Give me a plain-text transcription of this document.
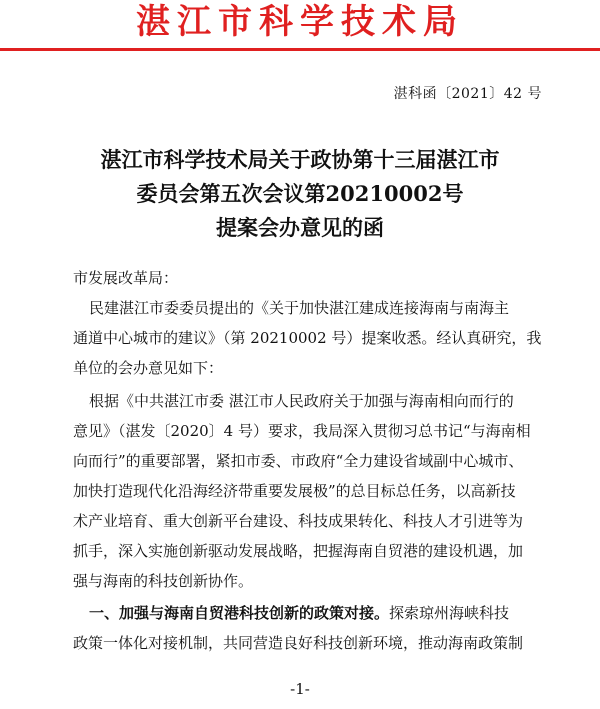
湛江市科学技术局
湛科函〔2021〕42 号
湛江市科学技术局关于政协第十三届湛江市
委员会第五次会议第20210002号
提案会办意见的函
市发展改革局：
民建湛江市委委员提出的《关于加快湛江建成连接海南与南海主
通道中心城市的建议》（第 20210002 号）提案收悉。经认真研究，我
单位的会办意见如下：
根据《中共湛江市委 湛江市人民政府关于加强与海南相向而行的
意见》（湛发〔2020〕4 号）要求，我局深入贯彻习总书记“与海南相
向而行”的重要部署，紧扣市委、市政府“全力建设省域副中心城市、
加快打造现代化沿海经济带重要发展极”的总目标总任务，以高新技
术产业培育、重大创新平台建设、科技成果转化、科技人才引进等为
抓手，深入实施创新驱动发展战略，把握海南自贸港的建设机遇，加
强与海南的科技创新协作。
一、加强与海南自贸港科技创新的政策对接。探索琼州海峡科技
政策一体化对接机制，共同营造良好科技创新环境，推动海南政策制
-1-
